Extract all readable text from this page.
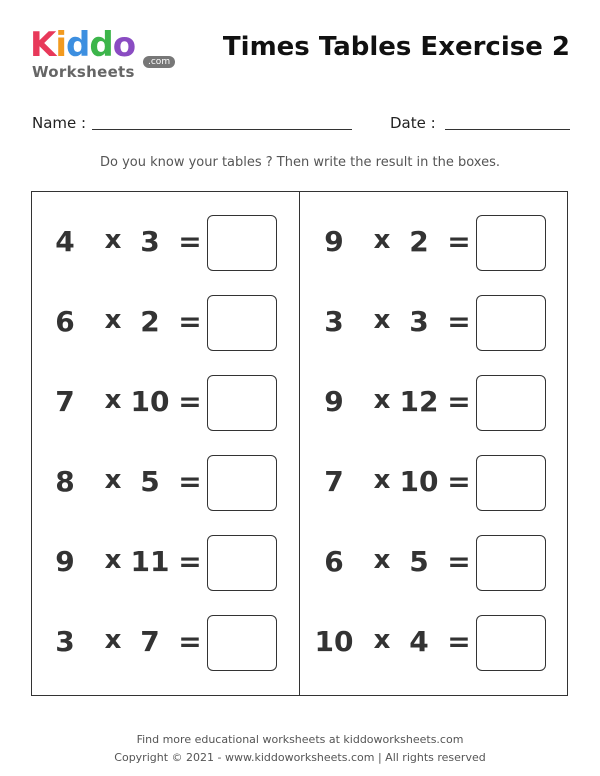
Kiddo
Worksheets
.com Times Tables Exercise 2
Name :	Date :
Do you know your tables ? Then write the result in the boxes.
4	x 3 =
6	x 2 =
7	x 10 =
8	x 5 =
9	x 11 =
3	x 7 =
9	x 2 =
3	x 3 =
9	x 12 =
7	x 10 =
6	x 5 =
10 x 4 =
Find more educational worksheets at kiddoworksheets.com
Copyright © 2021 - www.kiddoworksheets.com | All rights reserved
